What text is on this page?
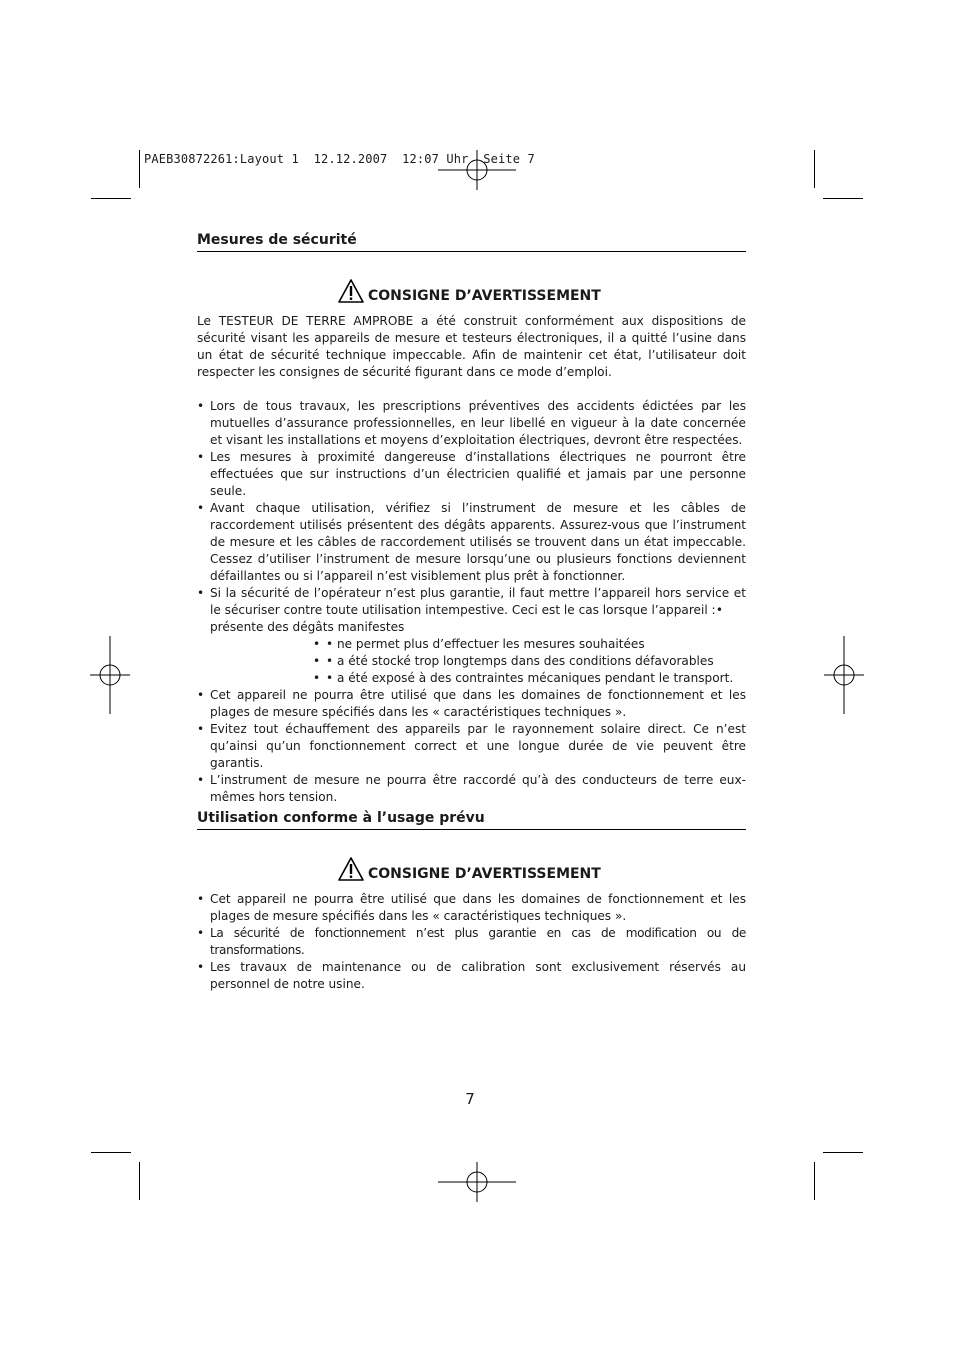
PAEB30872261:Layout 1  12.12.2007  12:07 Uhr  Seite 7
Mesures de sécurité
CONSIGNE D’AVERTISSEMENT

Le TESTEUR DE TERRE AMPROBE a été construit conformément aux dispositions de sécurité visant les appareils de mesure et testeurs électroniques, il a quitté l’usine dans un état de sécurité technique impeccable. Afin de maintenir cet état, l’utilisateur doit respecter les consignes de sécurité figurant dans ce mode d’emploi.

• Lors de tous travaux, les prescriptions préventives des accidents édictées par les mutuelles d’assurance professionnelles, en leur libellé en vigueur à la date concernée et visant les installations et moyens d’exploitation électriques, devront être respectées.
• Les mesures à proximité dangereuse d’installations électriques ne pourront être effectuées que sur instructions d’un électricien qualifié et jamais par une personne seule.
• Avant chaque utilisation, vérifiez si l’instrument de mesure et les câbles de raccordement utilisés présentent des dégâts apparents. Assurez-vous que l’instrument de mesure et les câbles de raccordement utilisés se trouvent dans un état impeccable. Cessez d’utiliser l’instrument de mesure lorsqu’une ou plusieurs fonctions deviennent défaillantes ou si l’appareil n’est visiblement plus prêt à fonctionner.
• Si la sécurité de l’opérateur n’est plus garantie, il faut mettre l’appareil hors service et le sécuriser contre toute utilisation intempestive. Ceci est le cas lorsque l’appareil : •

présente des dégâts manifestes
• • ne permet plus d’effectuer les mesures souhaitées
• • a été stocké trop longtemps dans des conditions défavorables
• • a été exposé à des contraintes mécaniques pendant le transport.
• Cet appareil ne pourra être utilisé que dans les domaines de fonctionnement et les plages de mesure spécifiés dans les « caractéristiques techniques ».
• Evitez tout échauffement des appareils par le rayonnement solaire direct. Ce n’est qu’ainsi qu’un fonctionnement correct et une longue durée de vie peuvent être garantis.
• L’instrument de mesure ne pourra être raccordé qu’à des conducteurs de terre eux-mêmes hors tension.
Utilisation conforme à l’usage prévu
CONSIGNE D’AVERTISSEMENT
• Cet appareil ne pourra être utilisé que dans les domaines de fonctionnement et les plages de mesure spécifiés dans les « caractéristiques techniques ».
• La sécurité de fonctionnement n’est plus garantie en cas de modification ou de transformations.
• Les travaux de maintenance ou de calibration sont exclusivement réservés au personnel de notre usine.
7
